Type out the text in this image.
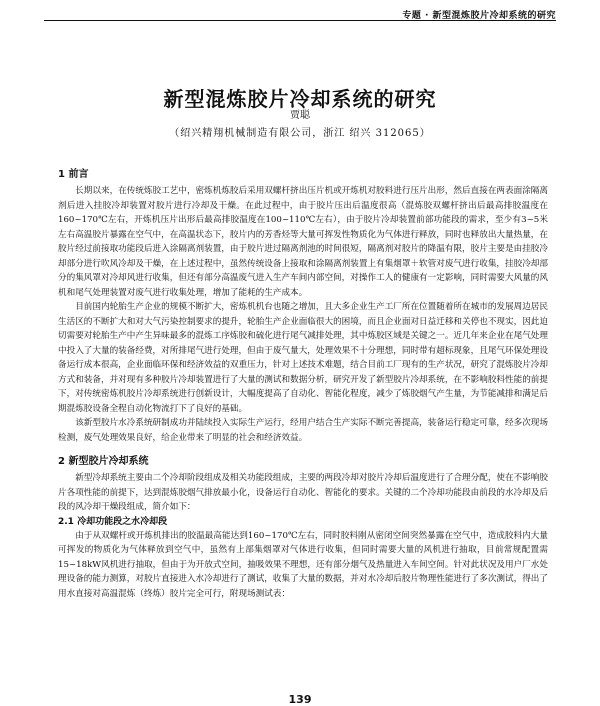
专题 · 新型混炼胶片冷却系统的研究
新型混炼胶片冷却系统的研究
贾聪
（绍兴精翔机械制造有限公司，浙江 绍兴 312065）
1 前言

长期以来，在传统炼胶工艺中，密炼机炼胶后采用双螺杆挤出压片机或开炼机对胶料进行压片出形，然后直接在两表面涂隔离剂后进入挂胶冷却装置对胶片进行冷却及干燥。在此过程中，由于胶片压出后温度很高（混炼胶双螺杆挤出后最高排胶温度在160~170℃左右，开炼机压片出形后最高排胶温度在100~110℃左右），由于胶片冷却装置前部功能段的需求，至少有3~5米左右高温胶片暴露在空气中，在高温状态下，胶片内的芳香烃等大量可挥发性物质化为气体进行释放，同时也释放出大量热量，在胶片经过前接取功能段后进入涂隔离剂装置，由于胶片进过隔离剂池的时间很短，隔离剂对胶片的降温有限，胶片主要是由挂胶冷却部分进行吹风冷却及干燥，在上述过程中，虽然传统设备上接取和涂隔离剂装置上有集烟罩＋软管对废气进行收集，挂胶冷却部分的集风罩对冷却风进行收集，但还有部分高温废气进入生产车间内部空间，对操作工人的健康有一定影响，同时需要大风量的风机和尾气处理装置对废气进行收集处理，增加了能耗的生产成本。

目前国内轮胎生产企业的规模不断扩大，密炼机机台也随之增加，且大多企业生产工厂所在位置随着所在城市的发展周边居民生活区的不断扩大和对大气污染控制要求的提升，轮胎生产企业面临很大的困境，而且企业面对日益迁移和关停也不现实，因此迫切需要对轮胎生产中产生异味最多的混炼工序炼胶和硫化进行尾气减排处理，其中炼胶区域是关键之一。近几年来企业在尾气处理中投入了大量的装备经费，对所排尾气进行处理，但由于废气量大，处理效果不十分理想，同时带有超标现象，且尾气环保处理设备运行成本很高，企业面临环保和经济效益的双重压力，针对上述技术难题，结合目前工厂现有的生产状况，研究了混炼胶片冷却方式和装备，并对现有多种胶片冷却装置进行了大量的测试和数据分析，研究开发了新型胶片冷却系统，在不影响胶料性能的前提下，对传统密炼机胶片冷却系统进行创新设计，大幅度提高了自动化、智能化程度，减少了炼胶烟气产生量，为节能减排和满足后期混炼胶设备全程自动化物流打下了良好的基础。

该新型胶片水冷系统研制成功并陆续投入实际生产运行，经用户结合生产实际不断完善提高，装备运行稳定可靠，经多次现场检测，废气处理效果良好，给企业带来了明显的社会和经济效益。

2 新型胶片冷却系统

新型冷却系统主要由二个冷却阶段组成及相关功能段组成，主要的两段冷却对胶片冷却后温度进行了合理分配，使在不影响胶片各项性能的前提下，达到混炼胶烟气排放最小化，设备运行自动化、智能化的要求。关键的二个冷却功能段由前段的水冷却及后段的风冷却干燥段组成，简介如下：

2.1 冷却功能段之水冷却段

由于从双螺杆或开炼机排出的胶温最高能达到160~170℃左右，同时胶料刚从密闭空间突然暴露在空气中，造成胶料内大量可挥发的物质化为气体释放到空气中，虽然有上部集烟罩对气体进行收集，但同时需要大量的风机进行抽取，目前常规配置需15~18kW风机进行抽取，但由于为开放式空间，抽吸效果不理想，还有部分烟气及热量进入车间空间。针对此状况及用户厂水处理设备的能力测算，对胶片直接进入水冷却进行了测试，收集了大量的数据，并对水冷却后胶片物理性能进行了多次测试，得出了用水直接对高温混炼（终炼）胶片完全可行，附现场测试表：

139
